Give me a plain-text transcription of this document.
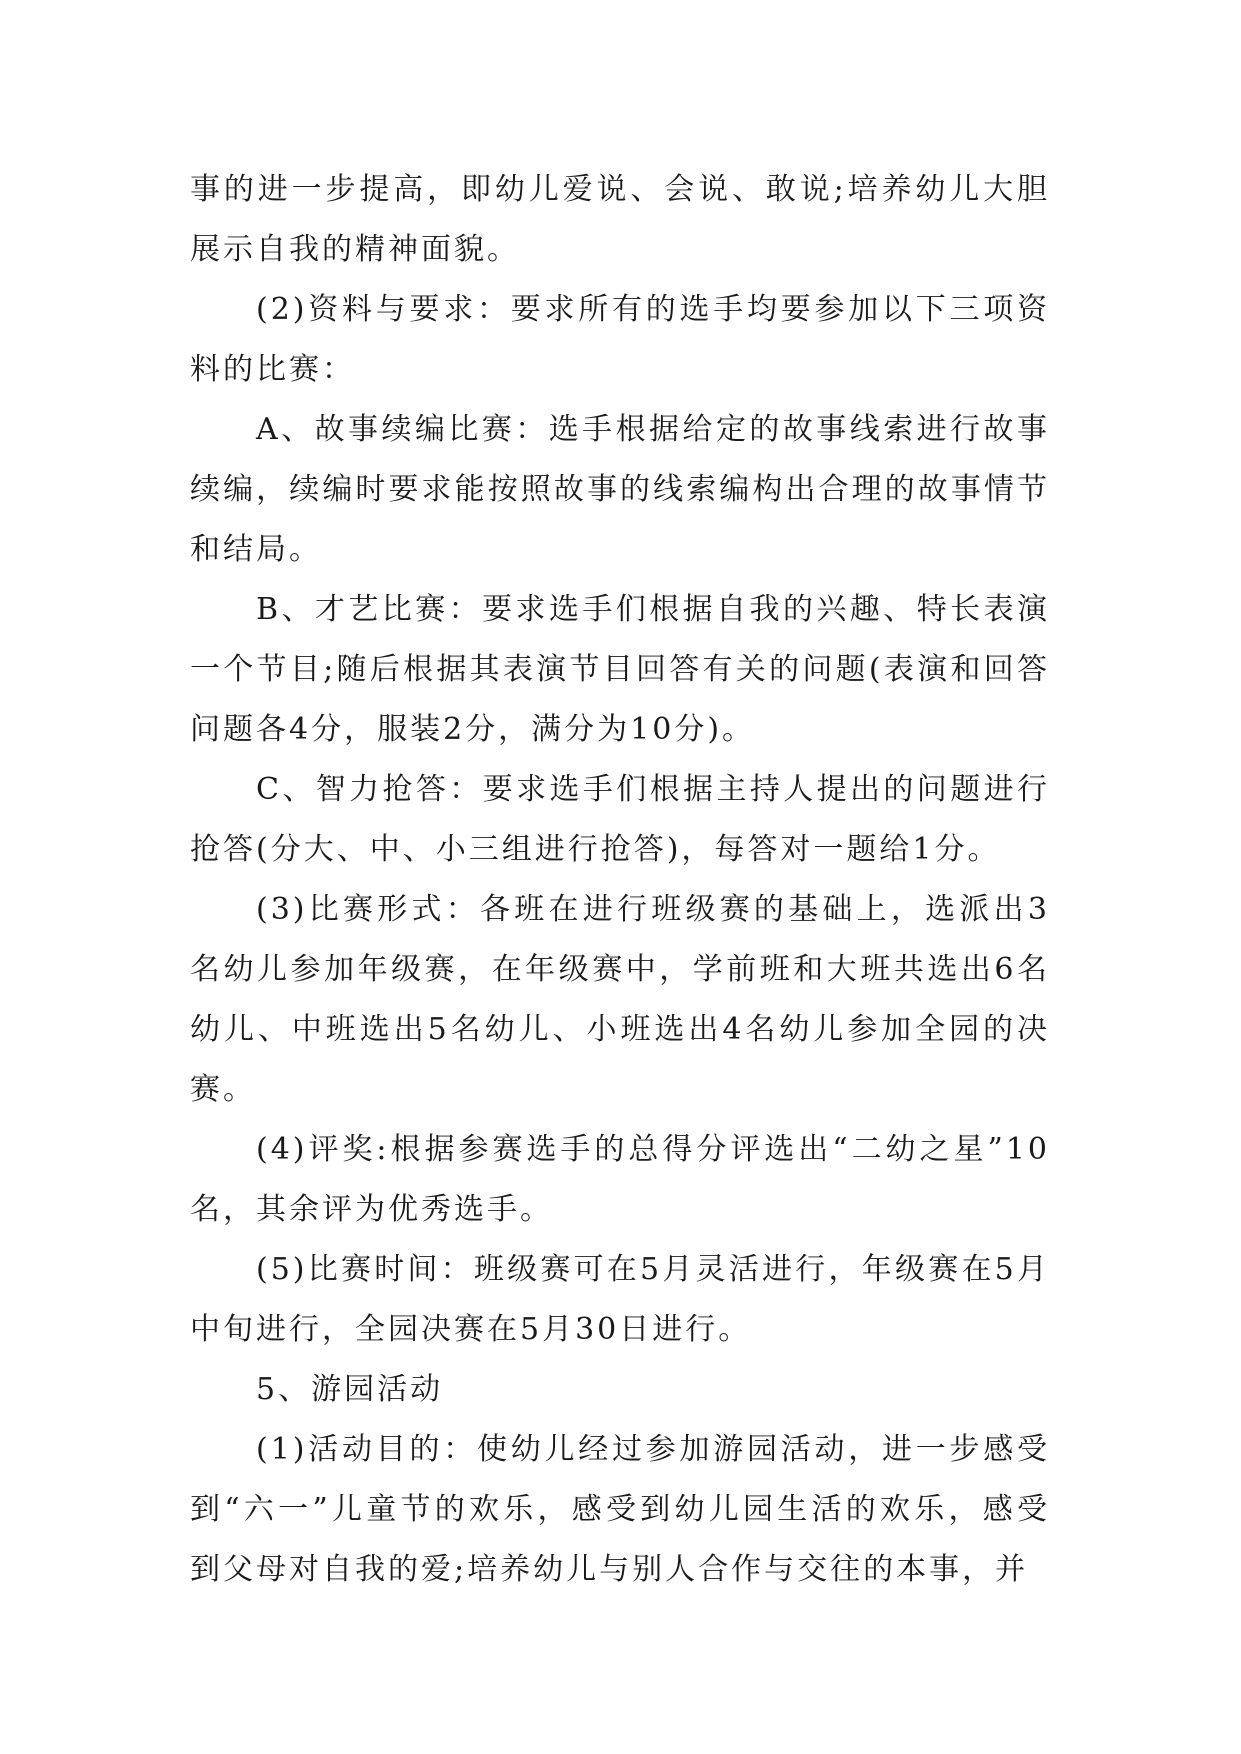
事的进一步提高，即幼儿爱说、会说、敢说;培养幼儿大胆展示自我的精神面貌。

(2)资料与要求：要求所有的选手均要参加以下三项资料的比赛：

A、故事续编比赛：选手根据给定的故事线索进行故事续编，续编时要求能按照故事的线索编构出合理的故事情节和结局。

B、才艺比赛：要求选手们根据自我的兴趣、特长表演一个节目;随后根据其表演节目回答有关的问题(表演和回答问题各4分，服装2分，满分为10分)。

C、智力抢答：要求选手们根据主持人提出的问题进行抢答(分大、中、小三组进行抢答)，每答对一题给1分。

(3)比赛形式：各班在进行班级赛的基础上，选派出3名幼儿参加年级赛，在年级赛中，学前班和大班共选出6名幼儿、中班选出5名幼儿、小班选出4名幼儿参加全园的决赛。

(4)评奖:根据参赛选手的总得分评选出“二幼之星”10名，其余评为优秀选手。

(5)比赛时间：班级赛可在5月灵活进行，年级赛在5月中旬进行，全园决赛在5月30日进行。

5、游园活动

(1)活动目的：使幼儿经过参加游园活动，进一步感受到“六一”儿童节的欢乐，感受到幼儿园生活的欢乐，感受到父母对自我的爱;培养幼儿与别人合作与交往的本事，并
